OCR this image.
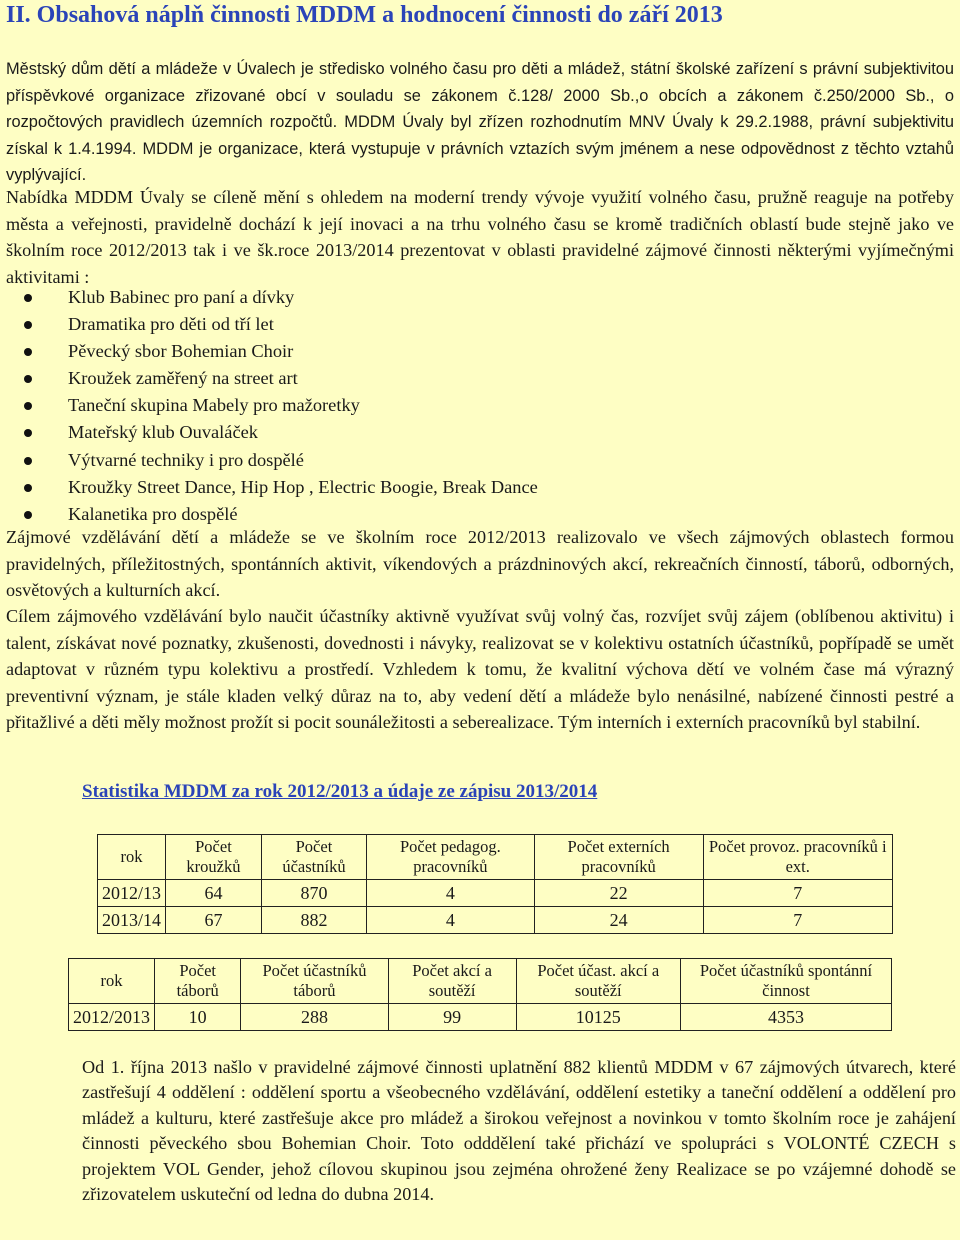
II. Obsahová náplň činnosti MDDM a hodnocení činnosti do září 2013

Městský dům dětí a mládeže v Úvalech je středisko volného času pro děti a mládež, státní školské zařízení s právní subjektivitou příspěvkové organizace zřizované obcí v souladu se zákonem č.128/ 2000 Sb.,o obcích a zákonem č.250/2000 Sb., o rozpočtových pravidlech územních rozpočtů. MDDM Úvaly byl zřízen rozhodnutím MNV Úvaly k 29.2.1988, právní subjektivitu získal k 1.4.1994. MDDM je organizace, která vystupuje v právních vztazích svým jménem a nese odpovědnost z těchto vztahů vyplývající.

Nabídka MDDM Úvaly se cíleně mění s ohledem na moderní trendy vývoje využití volného času, pružně reaguje na potřeby města a veřejnosti, pravidelně dochází k její inovaci a na trhu volného času se kromě tradičních oblastí bude stejně jako ve školním roce 2012/2013 tak i ve šk.roce 2013/2014 prezentovat v oblasti pravidelné zájmové činnosti některými vyjímečnými aktivitami :

Klub Babinec pro paní a dívky
Dramatika pro děti od tří let
Pěvecký sbor Bohemian Choir
Kroužek zaměřený na street art
Taneční skupina Mabely pro mažoretky
Mateřský klub Ouvaláček
Výtvarné techniky i pro dospělé
Kroužky Street Dance, Hip Hop , Electric Boogie, Break Dance
Kalanetika pro dospělé

Zájmové vzdělávání dětí a mládeže se ve školním roce 2012/2013 realizovalo ve všech zájmových oblastech formou pravidelných, příležitostných, spontánních aktivit, víkendových a prázdninových akcí, rekreačních činností, táborů, odborných, osvětových a kulturních akcí.

Cílem zájmového vzdělávání bylo naučit účastníky aktivně využívat svůj volný čas, rozvíjet svůj zájem (oblíbenou aktivitu) i talent, získávat nové poznatky, zkušenosti, dovednosti i návyky, realizovat se v kolektivu ostatních účastníků, popřípadě se umět adaptovat v různém typu kolektivu a prostředí. Vzhledem k tomu, že kvalitní výchova dětí ve volném čase má výrazný preventivní význam, je stále kladen velký důraz na to, aby vedení dětí a mládeže bylo nenásilné, nabízené činnosti pestré a přitažlivé a děti měly možnost prožít si pocit sounáležitosti a seberealizace. Tým interních i externích pracovníků byl stabilní.

Statistika MDDM za rok 2012/2013 a údaje ze zápisu 2013/2014
rok	Počet kroužků	Počet účastníků	Počet pedagog. pracovníků	Počet externích pracovníků	Počet provoz. pracovníků i ext.
2012/13	64	870	4	22	7
2013/14	67	882	4	24	7
rok	Počet táborů	Počet účastníků táborů	Počet akcí a soutěží	Počet účast. akcí a soutěží	Počet účastníků spontánní činnost
2012/2013	10	288	99	10125	4353

Od 1. října 2013 našlo v pravidelné zájmové činnosti uplatnění 882 klientů MDDM v 67 zájmových útvarech, které zastřešují 4 oddělení : oddělení sportu a všeobecného vzdělávání, oddělení estetiky a taneční oddělení a oddělení pro mládež a kulturu, které zastřešuje akce pro mládež a širokou veřejnost a novinkou v tomto školním roce je zahájení činnosti pěveckého sbou Bohemian Choir. Toto odddělení také přichází ve spolupráci s VOLONTÉ CZECH s projektem VOL Gender, jehož cílovou skupinou jsou zejména ohrožené ženy Realizace se po vzájemné dohodě se zřizovatelem uskuteční od ledna do dubna 2014.
